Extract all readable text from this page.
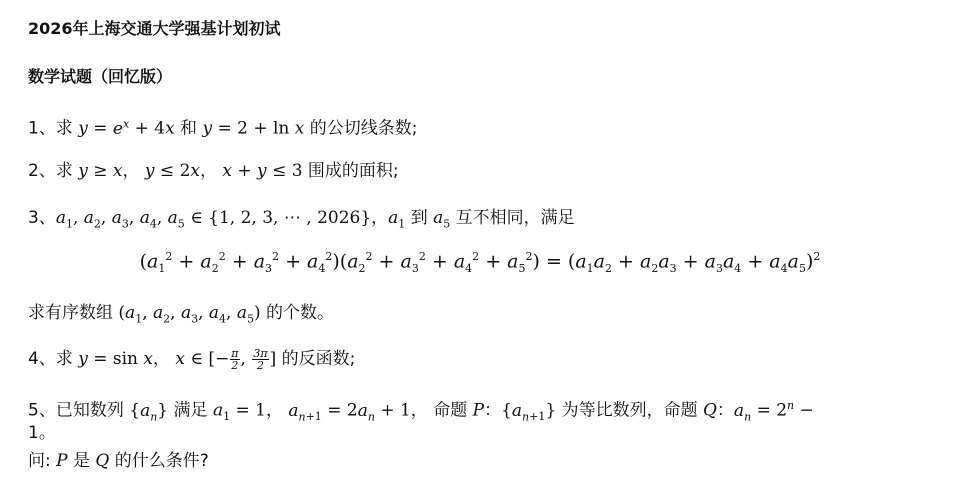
2026年上海交通大学强基计划初试
数学试题（回忆版）
1、求 $y = e^x + 4x$ 和 y = 2 + ln x 的公切线条数;
2、求 y ≥ x， y ≤ 2x， x + y ≤ 3 围成的面积;
3、$a_1$, $a_2$, $a_3$, $a_4$, $a_5$ ∈ {1, 2, 3, ⋯ , 2026}，$a_1$ 到 $a_5$ 互不相同，满足
$(a_1^2 + a_2^2 + a_3^2 + a_4^2)(a_2^2 + a_3^2 + a_4^2 + a_5^2) = (a_1a_2 + a_2a_3 + a_3a_4 + a_4a_5)^2$
求有序数组 ($a_1$, $a_2$, $a_3$, $a_4$, $a_5$) 的个数。
4、求 y = sin x， x ∈ [− $\frac{\pi}{2}$ , $\frac{3\pi}{2}$ ] 的反函数;
5、已知数列 $\{a_n\}$ 满足 $a_1 = 1$， $a_{n+1} = 2a_n + 1$， 命题 P：$\{a_{n+1}\}$ 为等比数列，命题 Q：$a_n = 2^n$ −
1。
问: P 是 Q 的什么条件?
